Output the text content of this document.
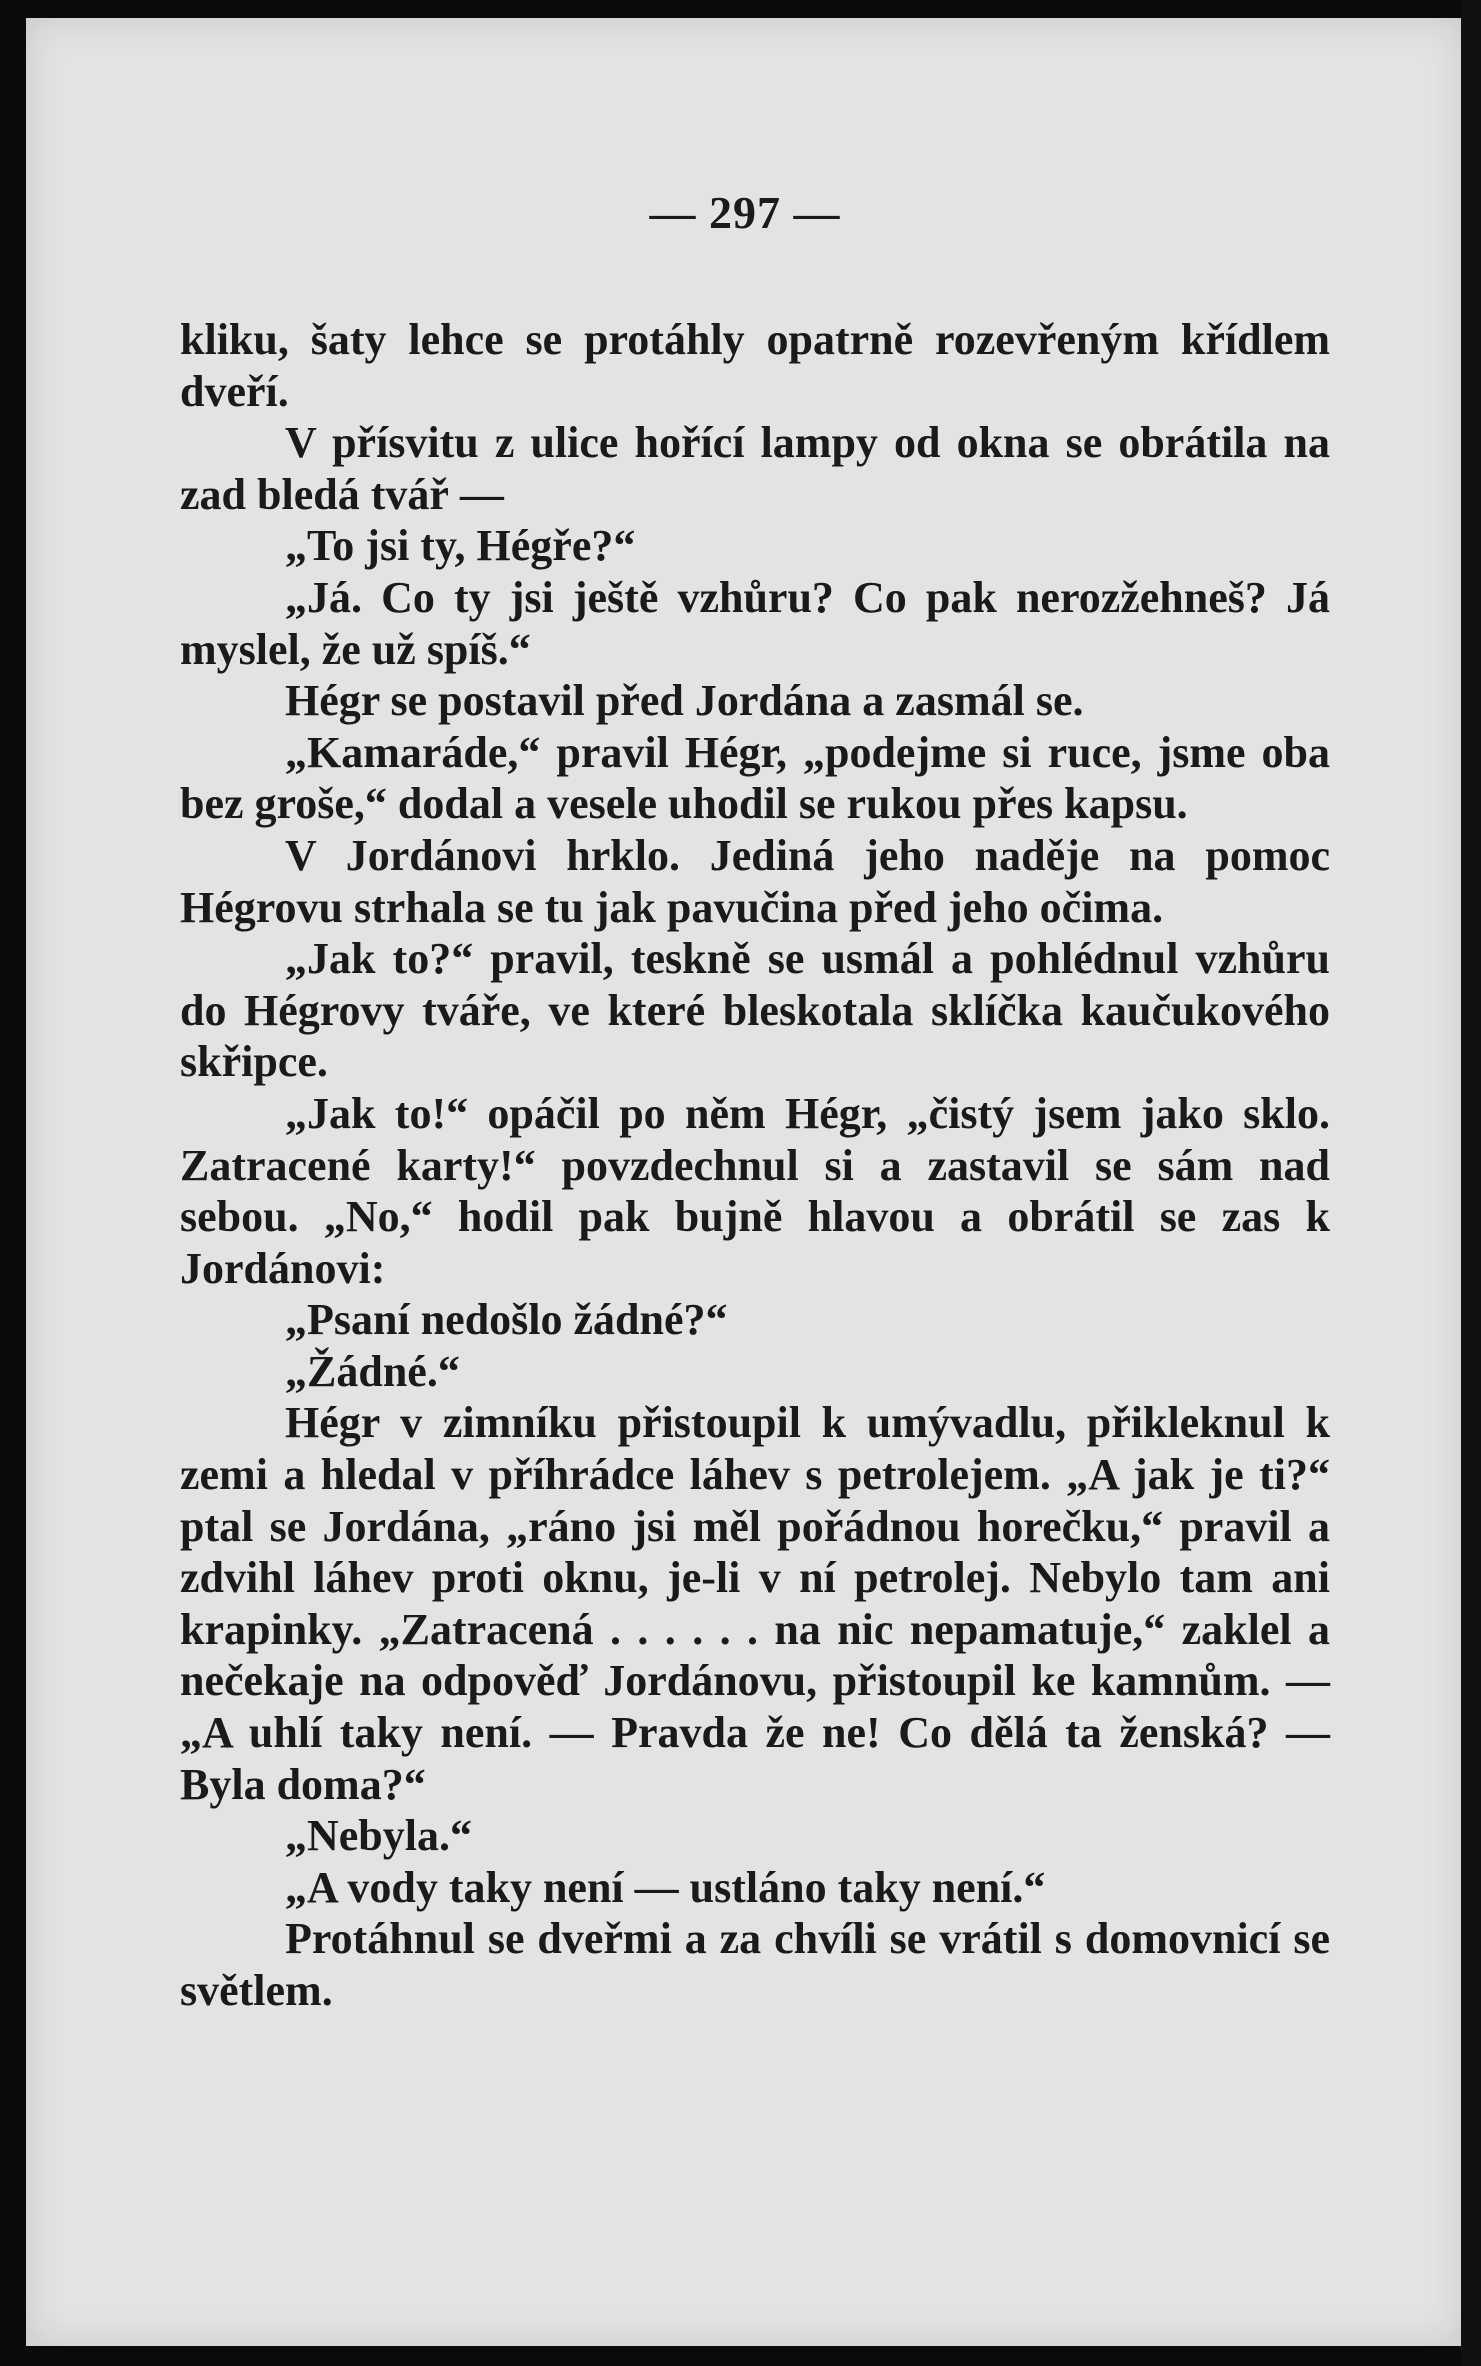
— 297 —

kliku, šaty lehce se protáhly opatrně rozevřeným křídlem dveří.

V přísvitu z ulice hořící lampy od okna se obrátila na zad bledá tvář —

„To jsi ty, Hégře?“

„Já. Co ty jsi ještě vzhůru? Co pak nerozžehneš? Já myslel, že už spíš.“

Hégr se postavil před Jordána a zasmál se.

„Kamaráde,“ pravil Hégr, „podejme si ruce, jsme oba bez groše,“ dodal a vesele uhodil se rukou přes kapsu.

V Jordánovi hrklo. Jediná jeho naděje na pomoc Hégrovu strhala se tu jak pavučina před jeho očima.

„Jak to?“ pravil, teskně se usmál a pohlédnul vzhůru do Hégrovy tváře, ve které bleskotala sklíčka kaučukového skřipce.

„Jak to!“ opáčil po něm Hégr, „čistý jsem jako sklo. Zatracené karty!“ povzdechnul si a zastavil se sám nad sebou. „No,“ hodil pak bujně hlavou a obrátil se zas k Jordánovi:

„Psaní nedošlo žádné?“

„Žádné.“

Hégr v zimníku přistoupil k umývadlu, přikleknul k zemi a hledal v příhrádce láhev s petrolejem. „A jak je ti?“ ptal se Jordána, „ráno jsi měl pořádnou horečku,“ pravil a zdvihl láhev proti oknu, je-li v ní petrolej. Nebylo tam ani krapinky. „Zatracená . . . . . . na nic nepamatuje,“ zaklel a nečekaje na odpověď Jordánovu, přistoupil ke kamnům. — „A uhlí taky není. — Pravda že ne! Co dělá ta ženská? — Byla doma?“

„Nebyla.“

„A vody taky není — ustláno taky není.“

Protáhnul se dveřmi a za chvíli se vrátil s domovnicí se světlem.
